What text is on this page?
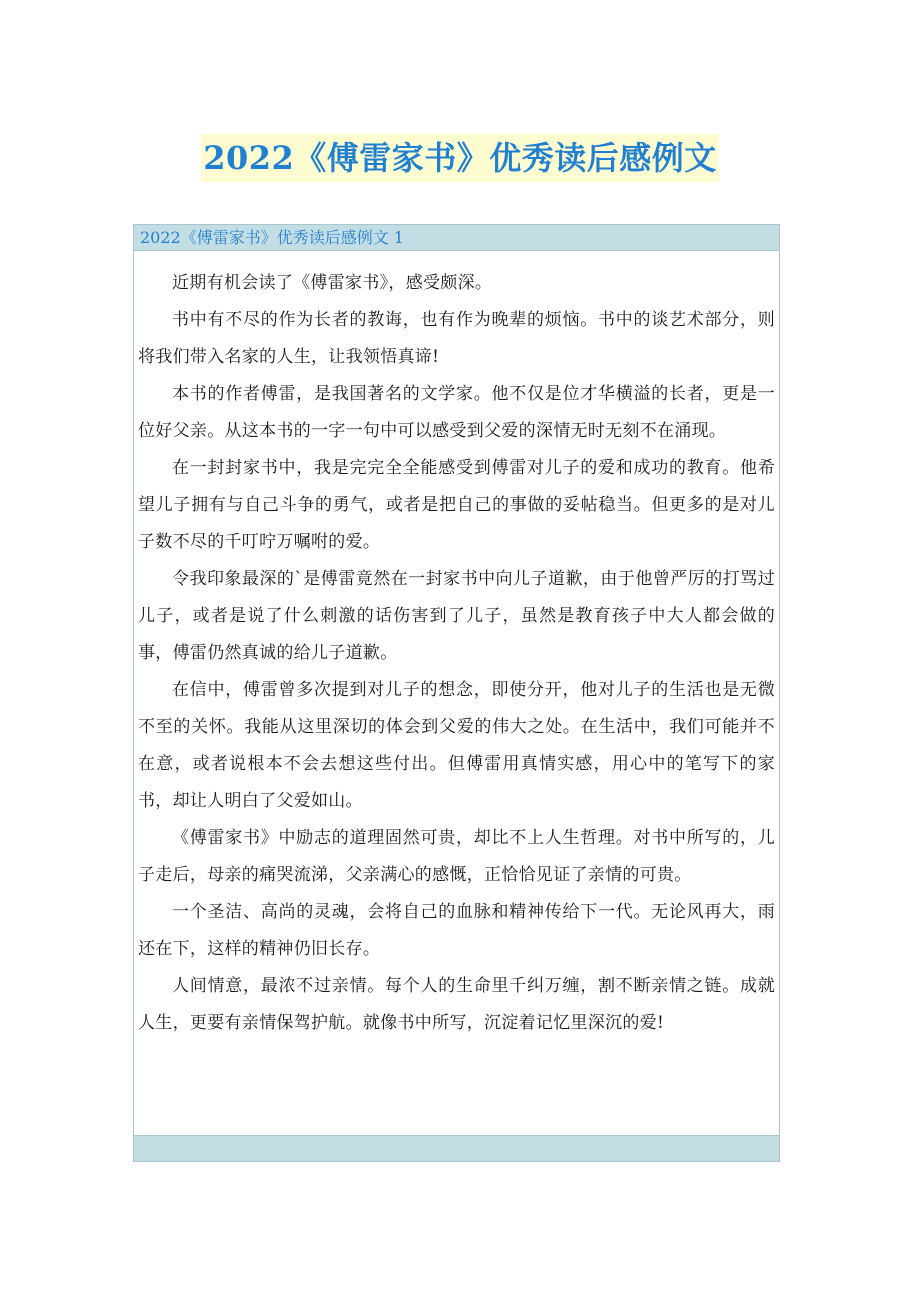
2022《傅雷家书》优秀读后感例文
2022《傅雷家书》优秀读后感例文 1

近期有机会读了《傅雷家书》，感受颇深。

书中有不尽的作为长者的教诲，也有作为晚辈的烦恼。书中的谈艺术部分，则将我们带入名家的人生，让我领悟真谛!

本书的作者傅雷，是我国著名的文学家。他不仅是位才华横溢的长者，更是一位好父亲。从这本书的一字一句中可以感受到父爱的深情无时无刻不在涌现。

在一封封家书中，我是完完全全能感受到傅雷对儿子的爱和成功的教育。他希望儿子拥有与自己斗争的勇气，或者是把自己的事做的妥帖稳当。但更多的是对儿子数不尽的千叮咛万嘱咐的爱。

令我印象最深的`是傅雷竟然在一封家书中向儿子道歉，由于他曾严厉的打骂过儿子，或者是说了什么刺激的话伤害到了儿子，虽然是教育孩子中大人都会做的事，傅雷仍然真诚的给儿子道歉。

在信中，傅雷曾多次提到对儿子的想念，即使分开，他对儿子的生活也是无微不至的关怀。我能从这里深切的体会到父爱的伟大之处。在生活中，我们可能并不在意，或者说根本不会去想这些付出。但傅雷用真情实感，用心中的笔写下的家书，却让人明白了父爱如山。

《傅雷家书》中励志的道理固然可贵，却比不上人生哲理。对书中所写的，儿子走后，母亲的痛哭流涕，父亲满心的感慨，正恰恰见证了亲情的可贵。

一个圣洁、高尚的灵魂，会将自己的血脉和精神传给下一代。无论风再大，雨还在下，这样的精神仍旧长存。

人间情意，最浓不过亲情。每个人的生命里千纠万缠，割不断亲情之链。成就人生，更要有亲情保驾护航。就像书中所写，沉淀着记忆里深沉的爱!
